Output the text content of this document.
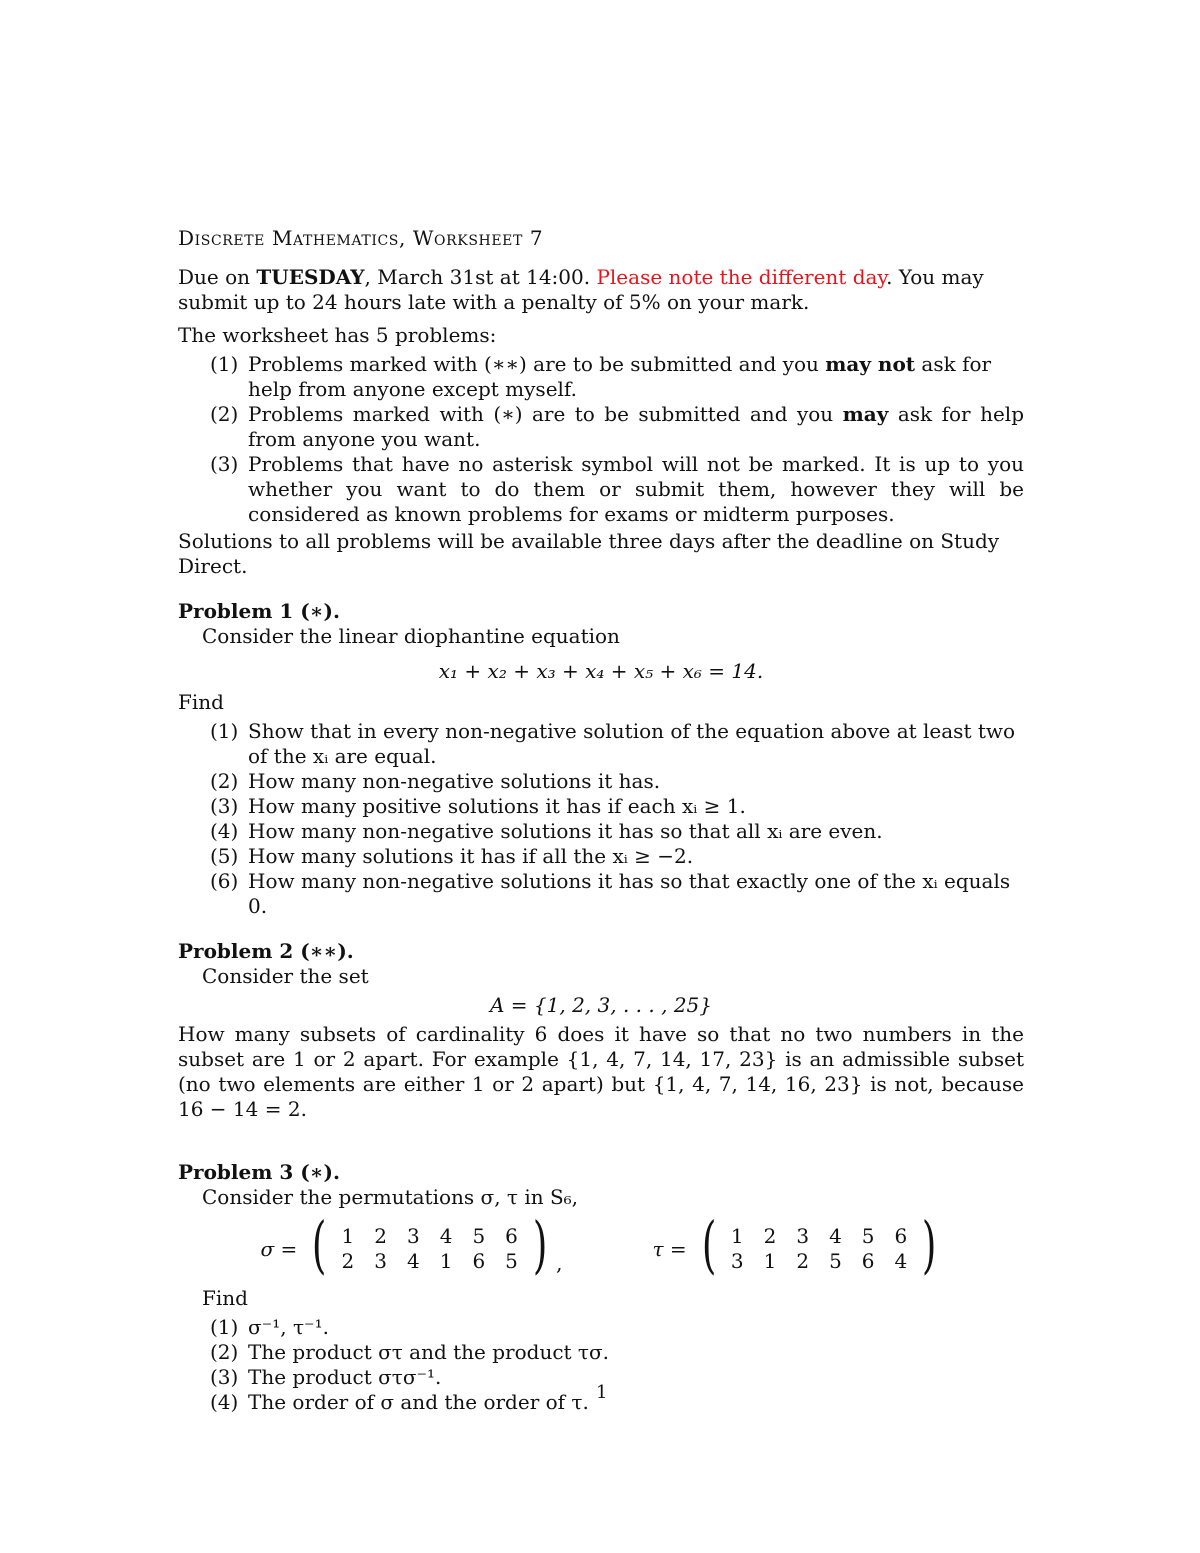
Discrete Mathematics, Worksheet 7

Due on TUESDAY, March 31st at 14:00. Please note the different day. You may submit up to 24 hours late with a penalty of 5% on your mark.

The worksheet has 5 problems:

(1) Problems marked with (∗∗) are to be submitted and you may not ask for help from anyone except myself.
(2) Problems marked with (∗) are to be submitted and you may ask for help from anyone you want.
(3) Problems that have no asterisk symbol will not be marked. It is up to you whether you want to do them or submit them, however they will be considered as known problems for exams or midterm purposes.

Solutions to all problems will be available three days after the deadline on Study Direct.

Problem 1 (∗).

Consider the linear diophantine equation

x₁ + x₂ + x₃ + x₄ + x₅ + x₆ = 14.

Find

(1) Show that in every non-negative solution of the equation above at least two of the xᵢ are equal.
(2) How many non-negative solutions it has.
(3) How many positive solutions it has if each xᵢ ≥ 1.
(4) How many non-negative solutions it has so that all xᵢ are even.
(5) How many solutions it has if all the xᵢ ≥ −2.
(6) How many non-negative solutions it has so that exactly one of the xᵢ equals 0.

Problem 2 (∗∗).

Consider the set

A = {1, 2, 3, . . . , 25}

How many subsets of cardinality 6 does it have so that no two numbers in the subset are 1 or 2 apart. For example {1, 4, 7, 14, 17, 23} is an admissible subset (no two elements are either 1 or 2 apart) but {1, 4, 7, 14, 16, 23} is not, because 16 − 14 = 2.

Problem 3 (∗).

Consider the permutations σ, τ in S₆,

σ = ( 1	2	3	4	5	6
2	3	4	1	6	5 ) ,
τ = ( 1	2	3	4	5	6
3	1	2	5	6	4 )

Find

(1) σ⁻¹, τ⁻¹.
(2) The product στ and the product τσ.
(3) The product στσ⁻¹.
(4) The order of σ and the order of τ. 1
